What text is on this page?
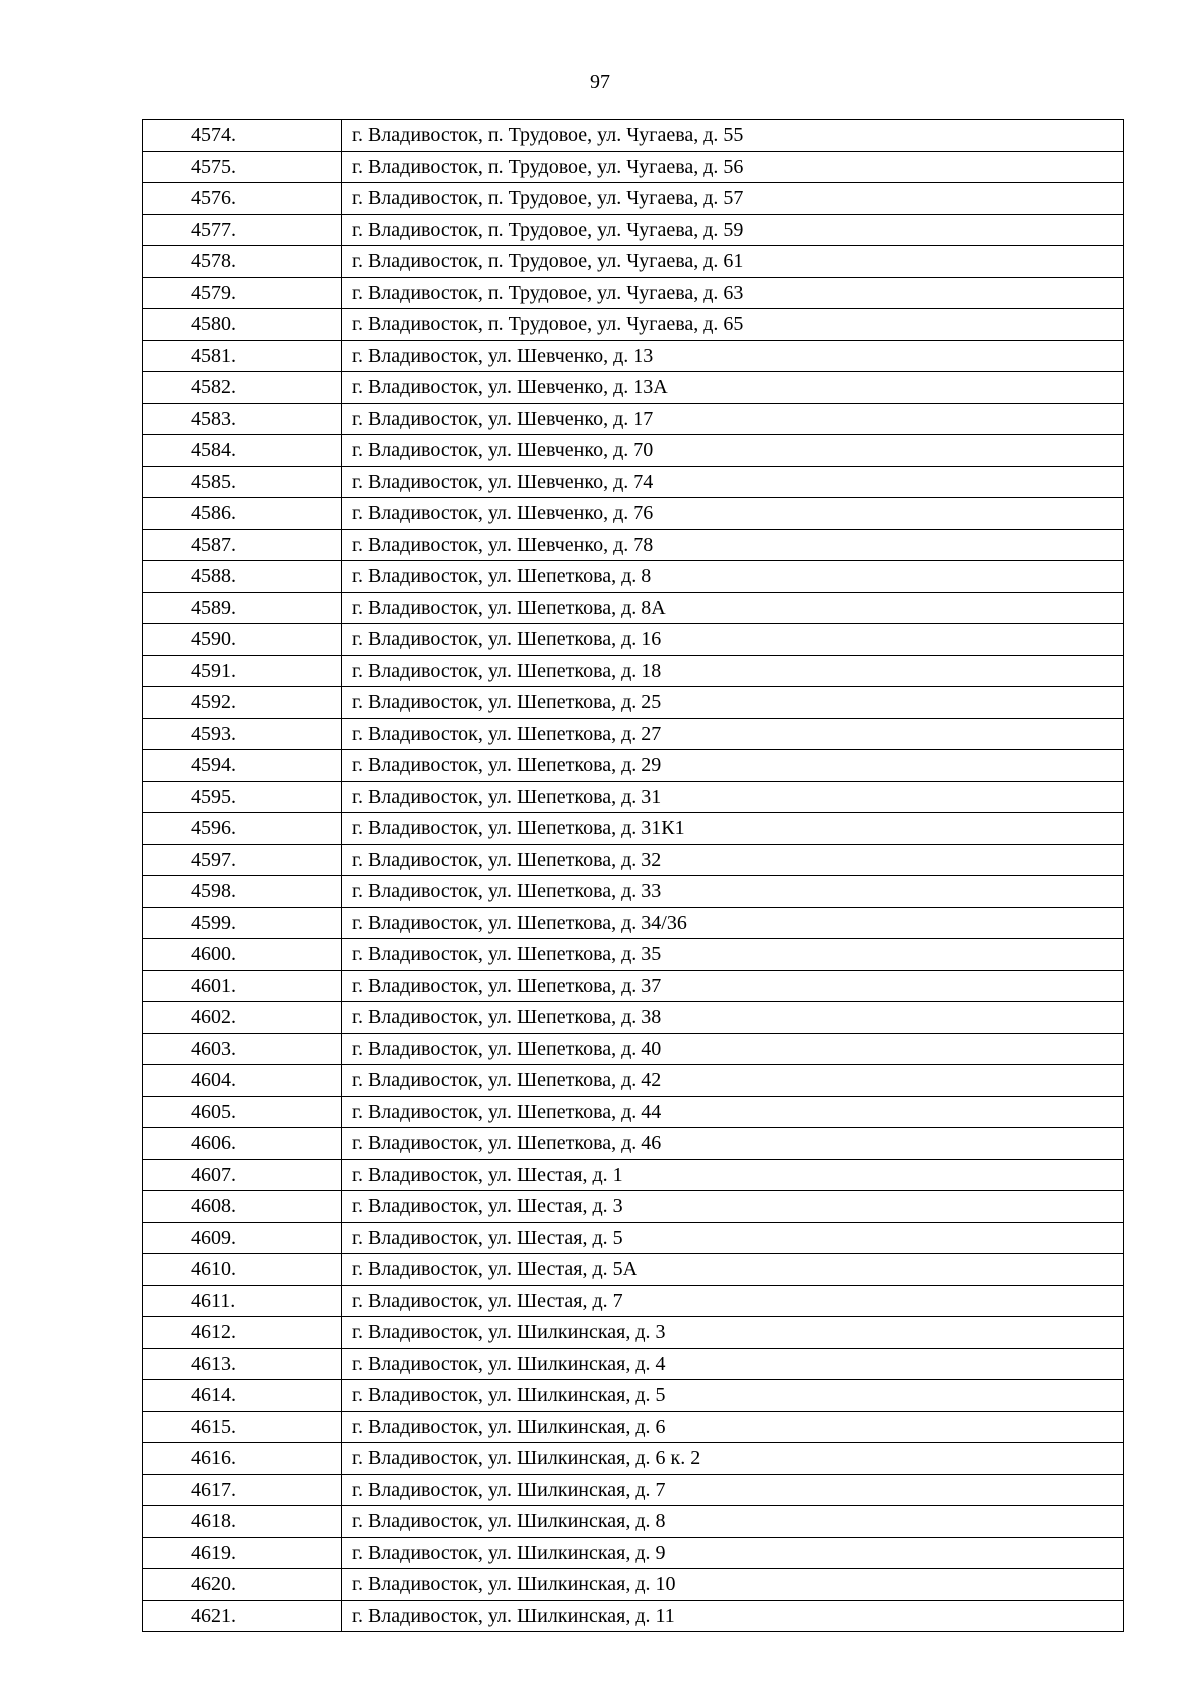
97
4574.	г. Владивосток, п. Трудовое, ул. Чугаева, д. 55
4575.	г. Владивосток, п. Трудовое, ул. Чугаева, д. 56
4576.	г. Владивосток, п. Трудовое, ул. Чугаева, д. 57
4577.	г. Владивосток, п. Трудовое, ул. Чугаева, д. 59
4578.	г. Владивосток, п. Трудовое, ул. Чугаева, д. 61
4579.	г. Владивосток, п. Трудовое, ул. Чугаева, д. 63
4580.	г. Владивосток, п. Трудовое, ул. Чугаева, д. 65
4581.	г. Владивосток, ул. Шевченко, д. 13
4582.	г. Владивосток, ул. Шевченко, д. 13А
4583.	г. Владивосток, ул. Шевченко, д. 17
4584.	г. Владивосток, ул. Шевченко, д. 70
4585.	г. Владивосток, ул. Шевченко, д. 74
4586.	г. Владивосток, ул. Шевченко, д. 76
4587.	г. Владивосток, ул. Шевченко, д. 78
4588.	г. Владивосток, ул. Шепеткова, д. 8
4589.	г. Владивосток, ул. Шепеткова, д. 8А
4590.	г. Владивосток, ул. Шепеткова, д. 16
4591.	г. Владивосток, ул. Шепеткова, д. 18
4592.	г. Владивосток, ул. Шепеткова, д. 25
4593.	г. Владивосток, ул. Шепеткова, д. 27
4594.	г. Владивосток, ул. Шепеткова, д. 29
4595.	г. Владивосток, ул. Шепеткова, д. 31
4596.	г. Владивосток, ул. Шепеткова, д. 31К1
4597.	г. Владивосток, ул. Шепеткова, д. 32
4598.	г. Владивосток, ул. Шепеткова, д. 33
4599.	г. Владивосток, ул. Шепеткова, д. 34/36
4600.	г. Владивосток, ул. Шепеткова, д. 35
4601.	г. Владивосток, ул. Шепеткова, д. 37
4602.	г. Владивосток, ул. Шепеткова, д. 38
4603.	г. Владивосток, ул. Шепеткова, д. 40
4604.	г. Владивосток, ул. Шепеткова, д. 42
4605.	г. Владивосток, ул. Шепеткова, д. 44
4606.	г. Владивосток, ул. Шепеткова, д. 46
4607.	г. Владивосток, ул. Шестая, д. 1
4608.	г. Владивосток, ул. Шестая, д. 3
4609.	г. Владивосток, ул. Шестая, д. 5
4610.	г. Владивосток, ул. Шестая, д. 5А
4611.	г. Владивосток, ул. Шестая, д. 7
4612.	г. Владивосток, ул. Шилкинская, д. 3
4613.	г. Владивосток, ул. Шилкинская, д. 4
4614.	г. Владивосток, ул. Шилкинская, д. 5
4615.	г. Владивосток, ул. Шилкинская, д. 6
4616.	г. Владивосток, ул. Шилкинская, д. 6 к. 2
4617.	г. Владивосток, ул. Шилкинская, д. 7
4618.	г. Владивосток, ул. Шилкинская, д. 8
4619.	г. Владивосток, ул. Шилкинская, д. 9
4620.	г. Владивосток, ул. Шилкинская, д. 10
4621.	г. Владивосток, ул. Шилкинская, д. 11
